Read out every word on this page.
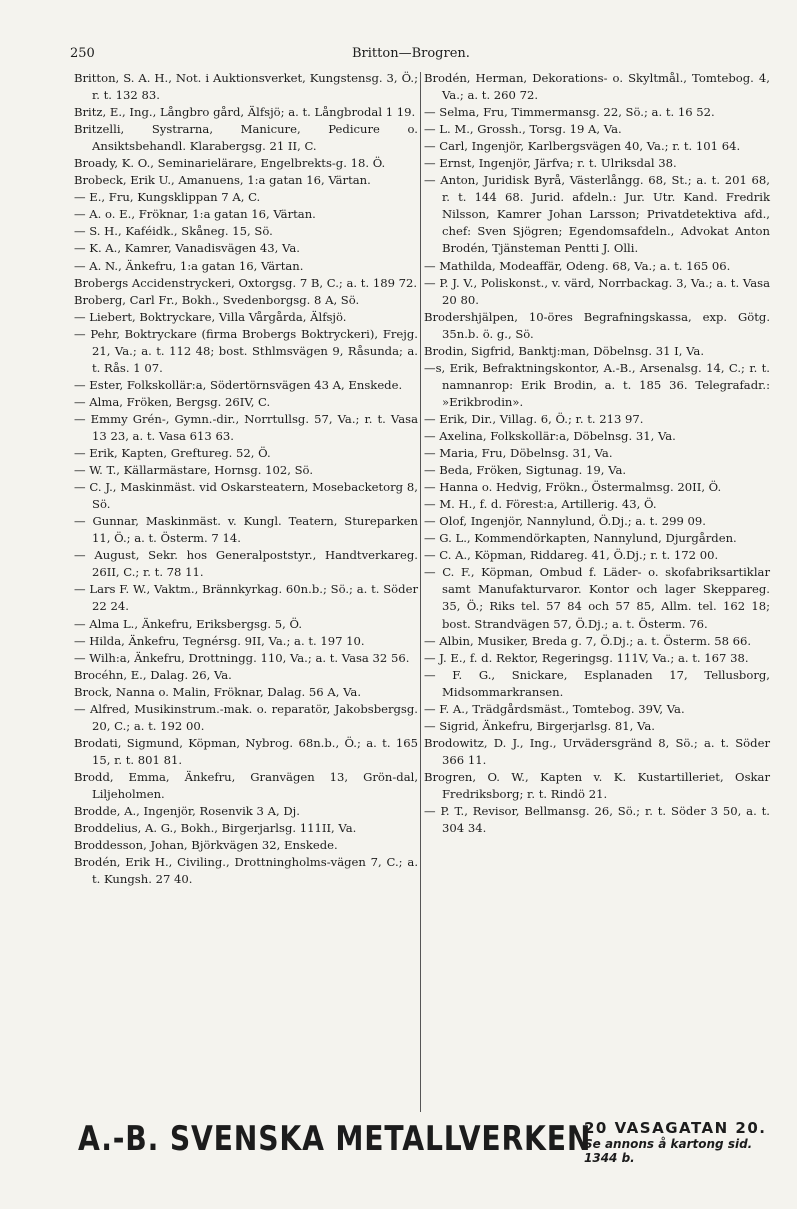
250	Britton—Brogren.

Britton, S. A. H., Not. i Auktionsverket, Kungstensg. 3, Ö.; r. t. 132 83.

Britz, E., Ing., Långbro gård, Älfsjö; a. t. Långbrodal 1 19.

Britzelli, Systrarna, Manicure, Pedicure o. Ansiktsbehandl. Klarabergsg. 21 II, C.

Broady, K. O., Seminarielärare, Engelbrekts-g. 18. Ö.

Brobeck, Erik U., Amanuens, 1:a gatan 16, Värtan.

— E., Fru, Kungsklippan 7 A, C.

— A. o. E., Fröknar, 1:a gatan 16, Värtan.

— S. H., Kaféidk., Skåneg. 15, Sö.

— K. A., Kamrer, Vanadisvägen 43, Va.

— A. N., Änkefru, 1:a gatan 16, Värtan.

Brobergs Accidenstryckeri, Oxtorgsg. 7 B, C.; a. t. 189 72.

Broberg, Carl Fr., Bokh., Svedenborgsg. 8 A, Sö.

— Liebert, Boktryckare, Villa Vårgårda, Älfsjö.

— Pehr, Boktryckare (firma Brobergs Boktryckeri), Frejg. 21, Va.; a. t. 112 48; bost. Sthlmsvägen 9, Råsunda; a. t. Rås. 1 07.

— Ester, Folkskollär:a, Södertörnsvägen 43 A, Enskede.

— Alma, Fröken, Bergsg. 26IV, C.

— Emmy Grén-, Gymn.-dir., Norrtullsg. 57, Va.; r. t. Vasa 13 23, a. t. Vasa 613 63.

— Erik, Kapten, Greftureg. 52, Ö.

— W. T., Källarmästare, Hornsg. 102, Sö.

— C. J., Maskinmäst. vid Oskarsteatern, Mosebacketorg 8, Sö.

— Gunnar, Maskinmäst. v. Kungl. Teatern, Stureparken 11, Ö.; a. t. Österm. 7 14.

— August, Sekr. hos Generalpoststyr., Handtverkareg. 26II, C.; r. t. 78 11.

— Lars F. W., Vaktm., Brännkyrkag. 60n.b.; Sö.; a. t. Söder 22 24.

— Alma L., Änkefru, Eriksbergsg. 5, Ö.

— Hilda, Änkefru, Tegnérsg. 9II, Va.; a. t. 197 10.

— Wilh:a, Änkefru, Drottningg. 110, Va.; a. t. Vasa 32 56.

Brocéhn, E., Dalag. 26, Va.

Brock, Nanna o. Malin, Fröknar, Dalag. 56 A, Va.

— Alfred, Musikinstrum.-mak. o. reparatör, Jakobsbergsg. 20, C.; a. t. 192 00.

Brodati, Sigmund, Köpman, Nybrog. 68n.b., Ö.; a. t. 165 15, r. t. 801 81.

Brodd, Emma, Änkefru, Granvägen 13, Grön-dal, Liljeholmen.

Brodde, A., Ingenjör, Rosenvik 3 A, Dj.

Broddelius, A. G., Bokh., Birgerjarlsg. 111II, Va.

Broddesson, Johan, Björkvägen 32, Enskede.

Brodén, Erik H., Civiling., Drottningholms-vägen 7, C.; a. t. Kungsh. 27 40.

Brodén, Herman, Dekorations- o. Skyltmål., Tomtebog. 4, Va.; a. t. 260 72.

— Selma, Fru, Timmermansg. 22, Sö.; a. t. 16 52.

— L. M., Grossh., Torsg. 19 A, Va.

— Carl, Ingenjör, Karlbergsvägen 40, Va.; r. t. 101 64.

— Ernst, Ingenjör, Järfva; r. t. Ulriksdal 38.

— Anton, Juridisk Byrå, Västerlångg. 68, St.; a. t. 201 68, r. t. 144 68. Jurid. afdeln.: Jur. Utr. Kand. Fredrik Nilsson, Kamrer Johan Larsson; Privatdetektiva afd., chef: Sven Sjögren; Egendomsafdeln., Advokat Anton Brodén, Tjänsteman Pentti J. Olli.

— Mathilda, Modeaffär, Odeng. 68, Va.; a. t. 165 06.

— P. J. V., Poliskonst., v. värd, Norrbackag. 3, Va.; a. t. Vasa 20 80.

Brodershjälpen, 10-öres Begrafningskassa, exp. Götg. 35n.b. ö. g., Sö.

Brodin, Sigfrid, Banktj:man, Döbelnsg. 31 I, Va.

—s, Erik, Befraktningskontor, A.-B., Arsenalsg. 14, C.; r. t. namnanrop: Erik Brodin, a. t. 185 36. Telegrafadr.: »Erikbrodin».

— Erik, Dir., Villag. 6, Ö.; r. t. 213 97.

— Axelina, Folkskollär:a, Döbelnsg. 31, Va.

— Maria, Fru, Döbelnsg. 31, Va.

— Beda, Fröken, Sigtunag. 19, Va.

— Hanna o. Hedvig, Frökn., Östermalmsg. 20II, Ö.

— M. H., f. d. Förest:a, Artillerig. 43, Ö.

— Olof, Ingenjör, Nannylund, Ö.Dj.; a. t. 299 09.

— G. L., Kommendörkapten, Nannylund, Djurgården.

— C. A., Köpman, Riddareg. 41, Ö.Dj.; r. t. 172 00.

— C. F., Köpman, Ombud f. Läder- o. skofabriksartiklar samt Manufakturvaror. Kontor och lager Skeppareg. 35, Ö.; Riks tel. 57 84 och 57 85, Allm. tel. 162 18; bost. Strandvägen 57, Ö.Dj.; a. t. Österm. 76.

— Albin, Musiker, Breda g. 7, Ö.Dj.; a. t. Österm. 58 66.

— J. E., f. d. Rektor, Regeringsg. 111V, Va.; a. t. 167 38.

— F. G., Snickare, Esplanaden 17, Tellusborg, Midsommarkransen.

— F. A., Trädgårdsmäst., Tomtebog. 39V, Va.

— Sigrid, Änkefru, Birgerjarlsg. 81, Va.

Brodowitz, D. J., Ing., Urvädersgränd 8, Sö.; a. t. Söder 366 11.

Brogren, O. W., Kapten v. K. Kustartilleriet, Oskar Fredriksborg; r. t. Rindö 21.

— P. T., Revisor, Bellmansg. 26, Sö.; r. t. Söder 3 50, a. t. 304 34.

A.-B. SVENSKA METALLVERKEN
20 VASAGATAN 20.
Se annons å kartong sid. 1344 b.
